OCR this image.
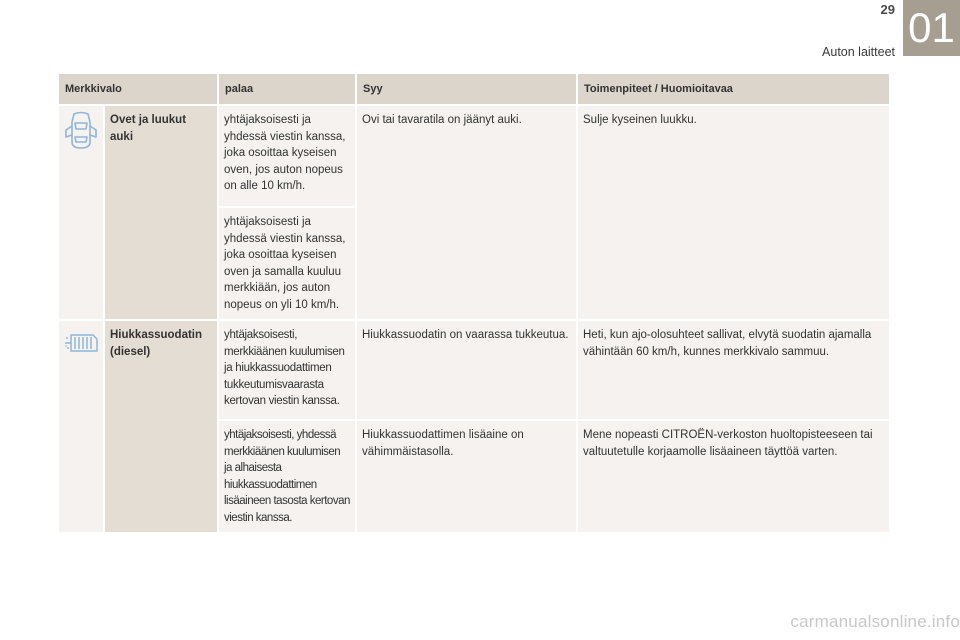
29
Auton laitteet
01
Merkkivalo		palaa	Syy	Toimenpiteet / Huomioitavaa

	Ovet ja luukut auki	yhtäjaksoisesti ja yhdessä viestin kanssa, joka osoittaa kyseisen oven, jos auton nopeus on alle 10 km/h.	Ovi tai tavaratila on jäänyt auki.	Sulje kyseinen luukku.
		yhtäjaksoisesti ja yhdessä viestin kanssa, joka osoittaa kyseisen oven ja samalla kuuluu merkkiään, jos auton nopeus on yli 10 km/h.		

	Hiukkassuodatin (diesel)	yhtäjaksoisesti, merkkiäänen kuulumisen ja hiukkassuodattimen tukkeutumisvaarasta kertovan viestin kanssa.	Hiukkassuodatin on vaarassa tukkeutua.	Heti, kun ajo-olosuhteet sallivat, elvytä suodatin ajamalla vähintään 60 km/h, kunnes merkkivalo sammuu.
		yhtäjaksoisesti, yhdessä merkkiäänen kuulumisen ja alhaisesta hiukkassuodattimen lisäaineen tasosta kertovan viestin kanssa.	Hiukkassuodattimen lisäaine on vähimmäistasolla.	Mene nopeasti CITROËN-verkoston huoltopisteeseen tai valtuutetulle korjaamolle lisäaineen täyttöä varten.
carmanualsonline.info
